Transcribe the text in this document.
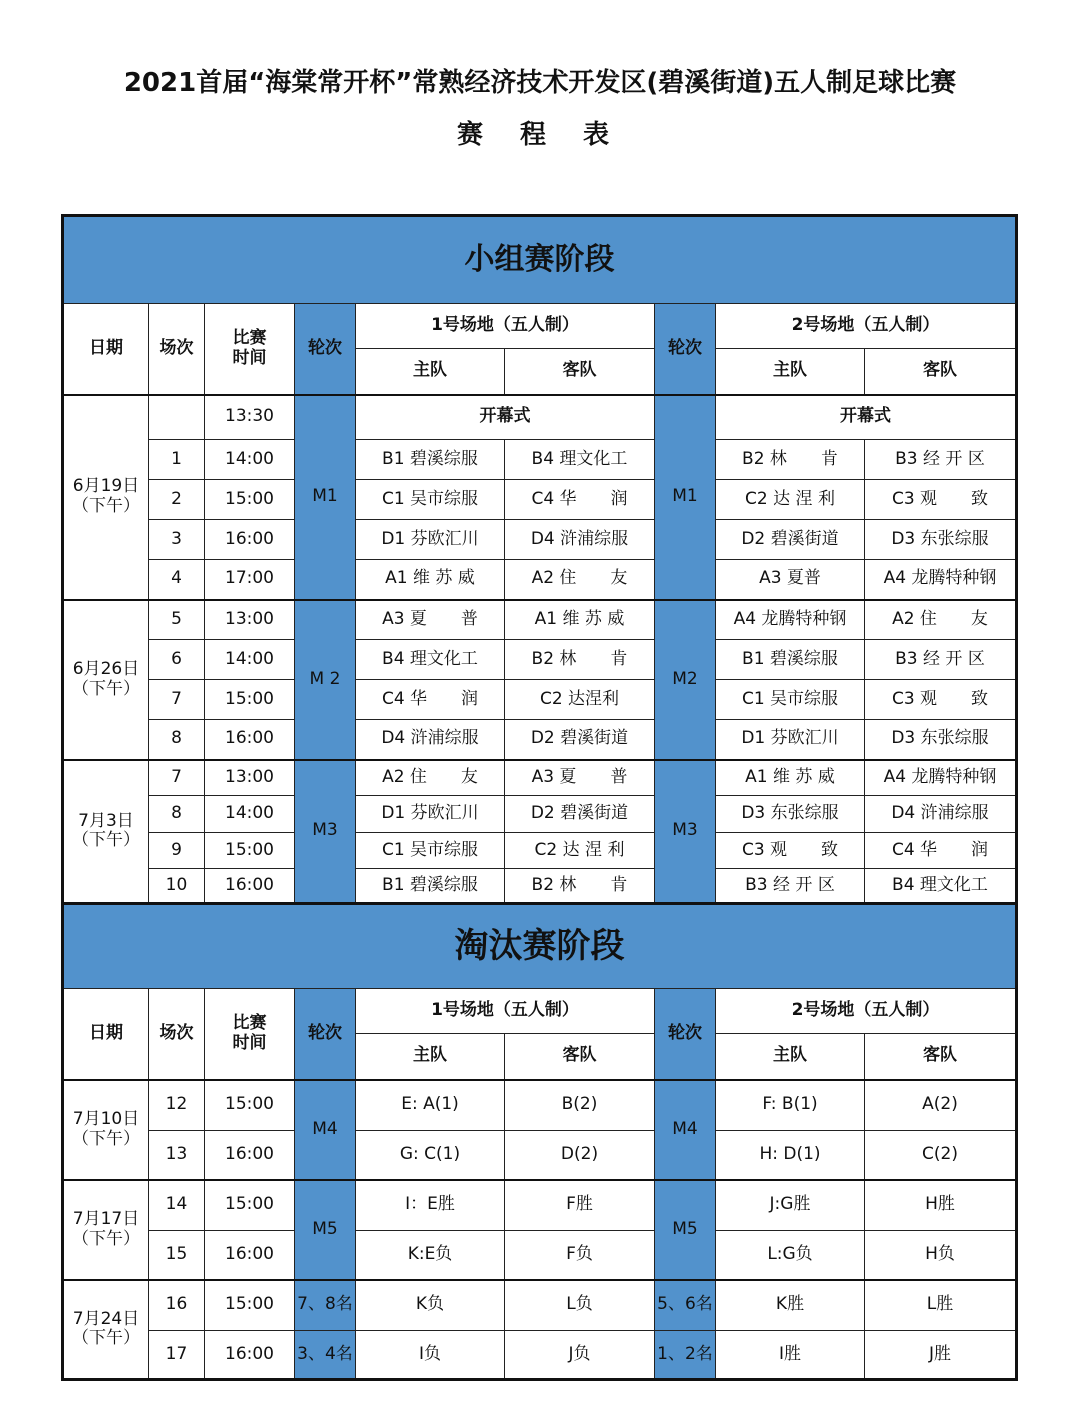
2021首届“海棠常开杯”常熟经济技术开发区(碧溪街道)五人制足球比赛
赛 程 表
小组赛阶段								
日期	场次	比赛
时间	轮次	1号场地（五人制）		轮次	2号场地（五人制）	
				主队	客队		主队	客队
6月19日
（下午）		13:30	M1	开幕式		M1	开幕式	
	1	14:00		B1 碧溪综服	B4 理文化工		B2 林　　肯	B3 经 开 区
	2	15:00		C1 吴市综服	C4 华　　润		C2 达 涅 利	C3 观　　致
	3	16:00		D1 芬欧汇川	D4 浒浦综服		D2 碧溪街道	D3 东张综服
	4	17:00		A1 维 苏 威	A2 住　　友		A3 夏普	A4 龙腾特种钢
6月26日
（下午）	5	13:00	M 2	A3 夏　　普	A1 维 苏 威	M2	A4 龙腾特种钢	A2 住　　友
	6	14:00		B4 理文化工	B2 林　　肯		B1 碧溪综服	B3 经 开 区
	7	15:00		C4 华　　润	C2 达涅利		C1 吴市综服	C3 观　　致
	8	16:00		D4 浒浦综服	D2 碧溪街道		D1 芬欧汇川	D3 东张综服
7月3日
（下午）	7	13:00	M3	A2 住　　友	A3 夏　　普	M3	A1 维 苏 威	A4 龙腾特种钢
	8	14:00		D1 芬欧汇川	D2 碧溪街道		D3 东张综服	D4 浒浦综服
	9	15:00		C1 吴市综服	C2 达 涅 利		C3 观　　致	C4 华　　润
	10	16:00		B1 碧溪综服	B2 林　　肯		B3 经 开 区	B4 理文化工
淘汰赛阶段								
日期	场次	比赛
时间	轮次	1号场地（五人制）		轮次	2号场地（五人制）	
				主队	客队		主队	客队
7月10日
（下午）	12	15:00	M4	E: A(1)	B(2)	M4	F: B(1)	A(2)
	13	16:00		G: C(1)	D(2)		H: D(1)	C(2)
7月17日
（下午）	14	15:00	M5	I：E胜	F胜	M5	J:G胜	H胜
	15	16:00		K:E负	F负		L:G负	H负
7月24日
（下午）	16	15:00	7、8名	K负	L负	5、6名	K胜	L胜
	17	16:00	3、4名	I负	J负	1、2名	I胜	J胜
